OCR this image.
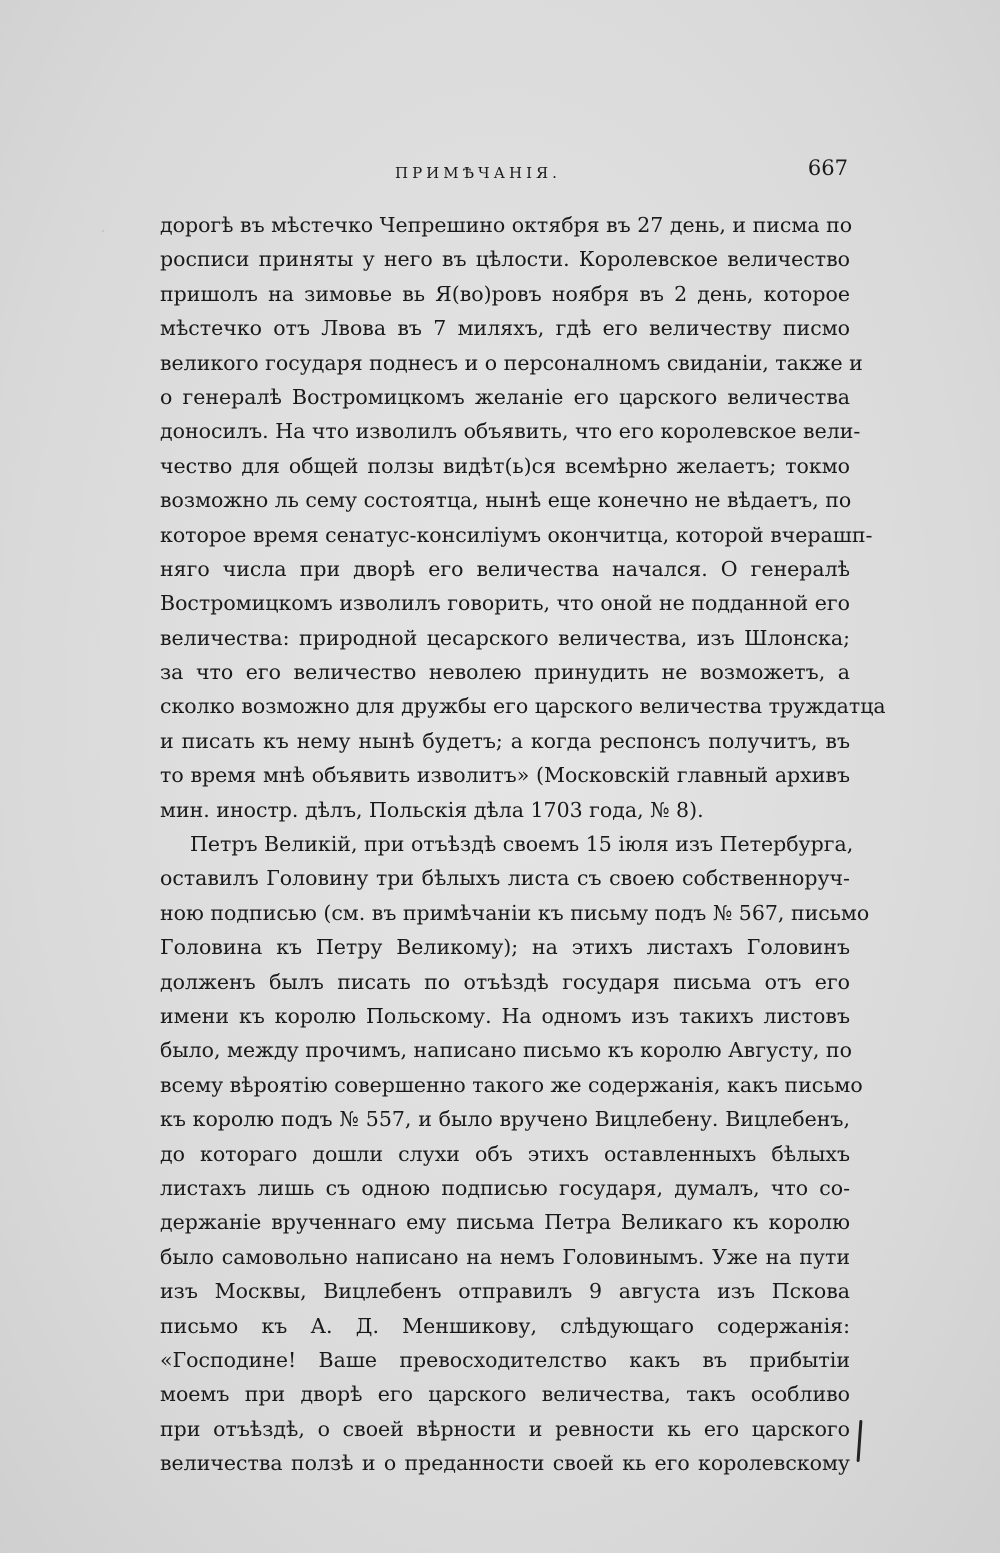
.
ПРИМѢЧАНІЯ.	667
дорогѣ въ мѣстечко Чепрешино октября въ 27 день, и писма по
росписи приняты у него въ цѣлости. Королевское величество
пришолъ на зимовье вь Я(во)ровъ ноября въ 2 день, которое
мѣстечко отъ Лвова въ 7 миляхъ, гдѣ его величеству писмо
великого государя поднесъ и о персоналномъ свиданіи, также и
о генералѣ Востромицкомъ желаніе его царского величества
доносилъ. На что изволилъ объявить, что его королевское вели-
чество для общей ползы видѣт(ь)ся всемѣрно желаетъ; токмо
возможно ль сему состоятца, нынѣ еще конечно не вѣдаетъ, по
которое время сенатус-консиліумъ окончитца, которой вчерашп-
няго числа при дворѣ его величества начался. О генералѣ
Востромицкомъ изволилъ говорить, что оной не подданной его
величества: природной цесарского величества, изъ Шлонска;
за что его величество неволею принудить не возможетъ, а
сколко возможно для дружбы его царского величества труждатца
и писать къ нему нынѣ будетъ; а когда респонсъ получитъ, въ
то время мнѣ объявить изволитъ» (Московскій главный архивъ
мин. иностр. дѣлъ, Польскія дѣла 1703 года, № 8).
Петръ Великій, при отъѣздѣ своемъ 15 іюля изъ Петербурга,
оставилъ Головину три бѣлыхъ листа съ своею собственноруч-
ною подписью (см. въ примѣчаніи къ письму подъ № 567, письмо
Головина къ Петру Великому); на этихъ листахъ Головинъ
долженъ былъ писать по отъѣздѣ государя письма отъ его
имени къ королю Польскому. На одномъ изъ такихъ листовъ
было, между прочимъ, написано письмо къ королю Августу, по
всему вѣроятію совершенно такого же содержанія, какъ письмо
къ королю подъ № 557, и было вручено Вицлебену. Вицлебенъ,
до котораго дошли слухи объ этихъ оставленныхъ бѣлыхъ
листахъ лишь съ одною подписью государя, думалъ, что со-
держаніе врученнаго ему письма Петра Великаго къ королю
было самовольно написано на немъ Головинымъ. Уже на пути
изъ Москвы, Вицлебенъ отправилъ 9 августа изъ Пскова
письмо къ А. Д. Меншикову, слѣдующаго содержанія:
«Господине! Ваше превосходителство какъ въ прибытіи
моемъ при дворѣ его царского величества, такъ особливо
при отъѣздѣ, о своей вѣрности и ревности кь его царского
величества ползѣ и о преданности своей кь его королевскому
